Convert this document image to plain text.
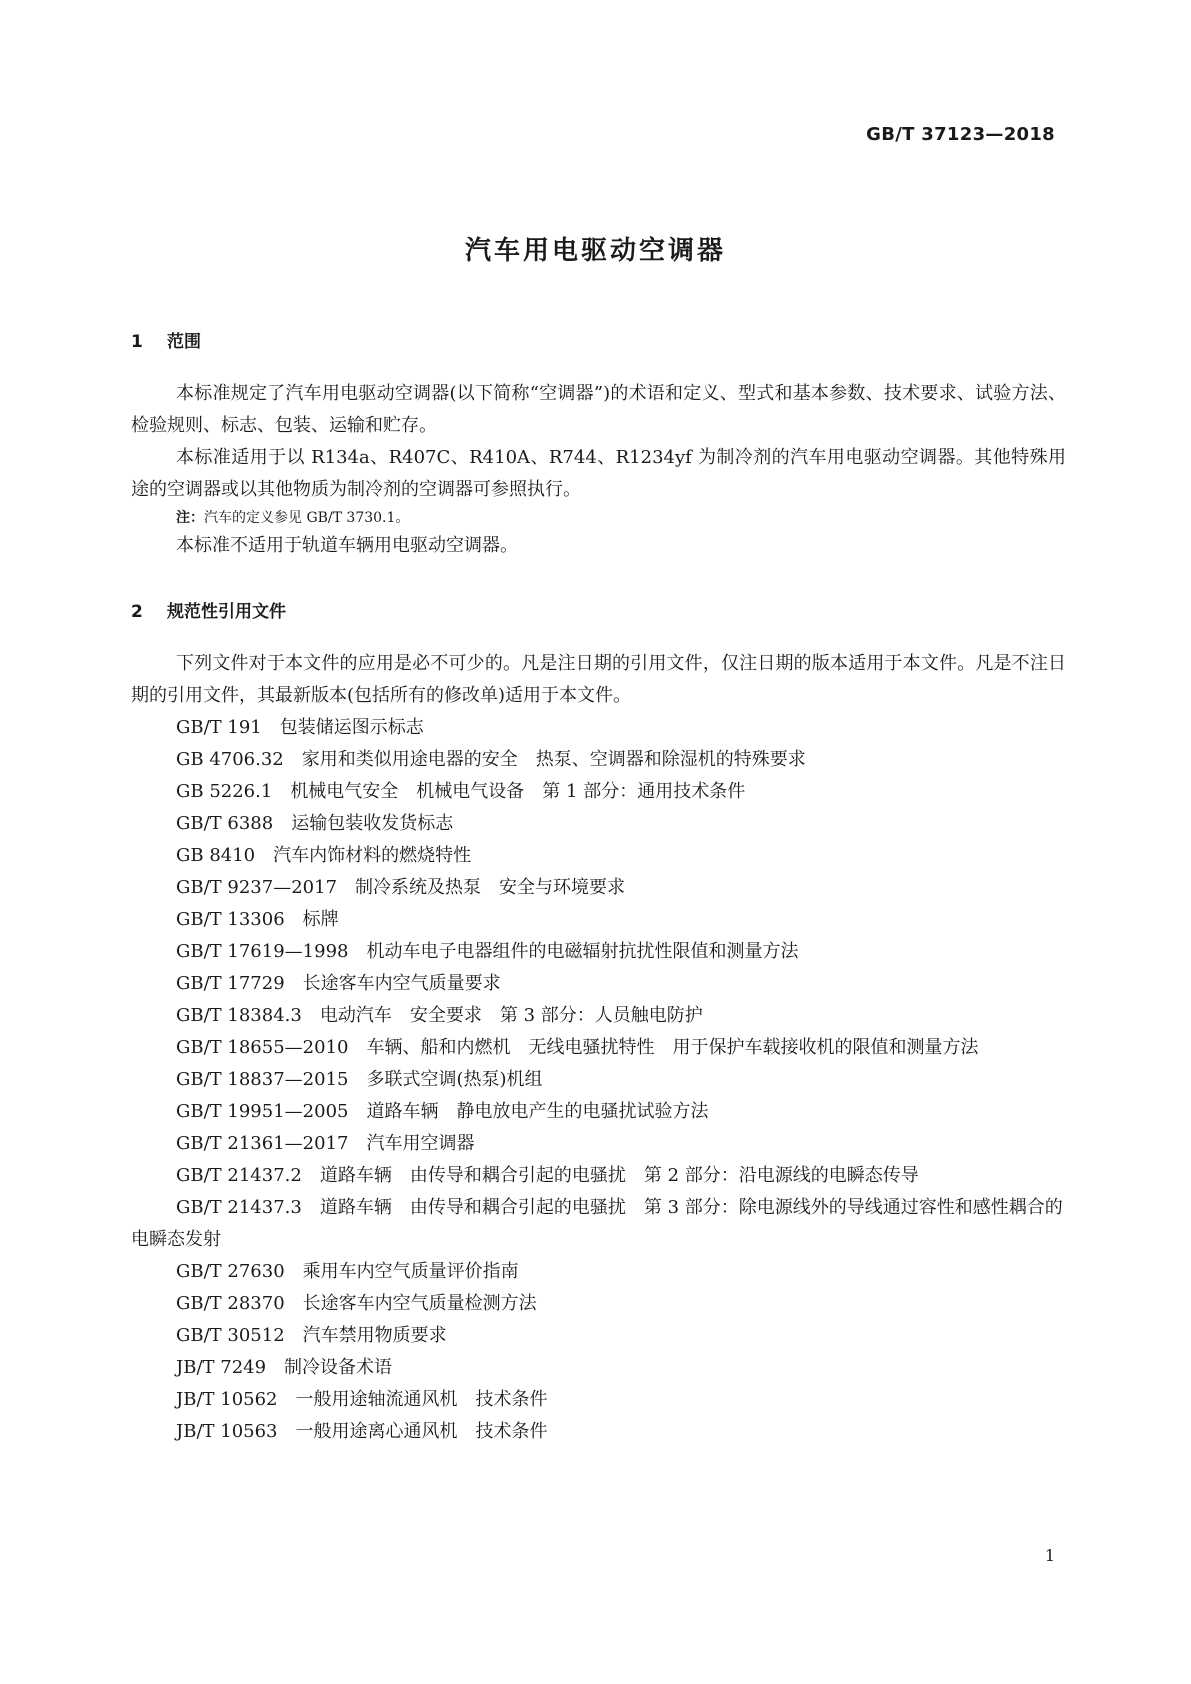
GB/T 37123—2018
汽车用电驱动空调器
1 范围

本标准规定了汽车用电驱动空调器(以下简称“空调器”)的术语和定义、型式和基本参数、技术要求、试验方法、检验规则、标志、包装、运输和贮存。

本标准适用于以 R134a、R407C、R410A、R744、R1234yf 为制冷剂的汽车用电驱动空调器。其他特殊用途的空调器或以其他物质为制冷剂的空调器可参照执行。

注：汽车的定义参见 GB/T 3730.1。

本标准不适用于轨道车辆用电驱动空调器。

2 规范性引用文件

下列文件对于本文件的应用是必不可少的。凡是注日期的引用文件，仅注日期的版本适用于本文件。凡是不注日期的引用文件，其最新版本(包括所有的修改单)适用于本文件。

GB/T 191 包装储运图示标志

GB 4706.32 家用和类似用途电器的安全　热泵、空调器和除湿机的特殊要求

GB 5226.1 机械电气安全　机械电气设备　第 1 部分：通用技术条件

GB/T 6388 运输包装收发货标志

GB 8410 汽车内饰材料的燃烧特性

GB/T 9237—2017 制冷系统及热泵　安全与环境要求

GB/T 13306 标牌

GB/T 17619—1998 机动车电子电器组件的电磁辐射抗扰性限值和测量方法

GB/T 17729 长途客车内空气质量要求

GB/T 18384.3 电动汽车　安全要求　第 3 部分：人员触电防护

GB/T 18655—2010 车辆、船和内燃机　无线电骚扰特性　用于保护车载接收机的限值和测量方法

GB/T 18837—2015 多联式空调(热泵)机组

GB/T 19951—2005 道路车辆　静电放电产生的电骚扰试验方法

GB/T 21361—2017 汽车用空调器

GB/T 21437.2 道路车辆　由传导和耦合引起的电骚扰　第 2 部分：沿电源线的电瞬态传导

GB/T 21437.3 道路车辆　由传导和耦合引起的电骚扰　第 3 部分：除电源线外的导线通过容性和感性耦合的电瞬态发射

GB/T 27630 乘用车内空气质量评价指南

GB/T 28370 长途客车内空气质量检测方法

GB/T 30512 汽车禁用物质要求

JB/T 7249 制冷设备术语

JB/T 10562 一般用途轴流通风机　技术条件

JB/T 10563 一般用途离心通风机　技术条件

1
